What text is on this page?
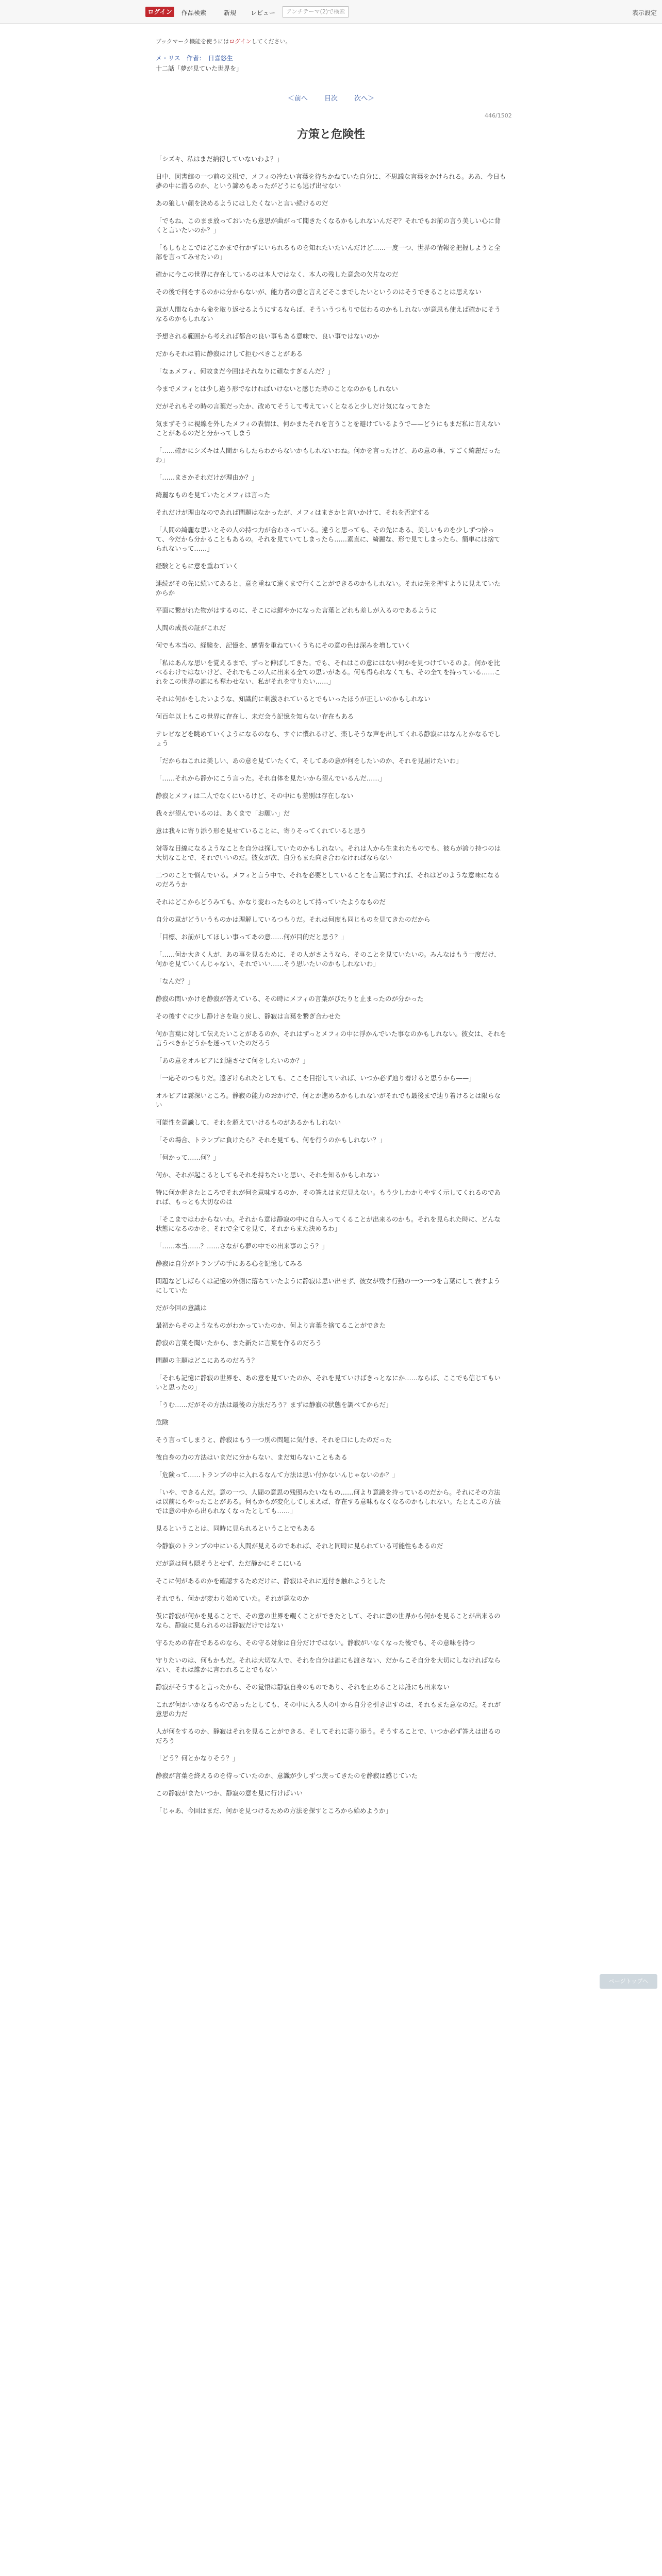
ログイン	作品検索	新規 レビュー	アンチテーマ(2)で検索	表示設定
ブックマーク機能を使うにはログインしてください。
メ・リス　作者：　日喜悠生
十二話「夢が見ていた世界を」
＜前へ 目次 次へ＞
446/1502
方策と危険性
「シズキ、私はまだ納得していないわよ？」
日中、図書館の一つ前の文机で、メフィの冷たい言葉を待ちかねていた自分に、不思議な言葉をかけられる。ああ、今日も夢の中に潜るのか、という諦めもあったがどうにも逃げ出せない
あの狼しい顔を決めるようにはしたくないと言い続けるのだ
「でもね、このまま放っておいたら意思が曲がって聞きたくなるかもしれないんだぞ？それでもお前の言う美しい心に背くと言いたいのか？」
「もしもとこではどこかまで行かずにいられるものを知れたいたいんだけど……一度一つ、世界の情報を把握しようと全部を言ってみせたいの」
確かに今この世界に存在しているのは本人ではなく、本人の残した意念の欠片なのだ
その後で何をするのかは分からないが、能力者の意と言えどそこまでしたいというのはそうできることは思えない
意が人間ならから命を取り返せるようにするならば、そういうつもりで伝わるのかもしれないが意思も使えば確かにそうなるのかもしれない
予想される範囲から考えれば都合の良い事もある意味で、良い事ではないのか
だからそれは前に静寂はけして拒むべきことがある
「なぁメフィ、何故まだ今回はそれなりに頑なすぎるんだ？」
今までメフィとは少し違う形でなければいけないと感じた時のことなのかもしれない
だがそれもその時の言葉だったか、改めてそうして考えていくとなると少しだけ気になってきた
気まずそうに視線を外したメフィの表情は、何かまたそれを言うことを避けているようで——どうにもまだ私に言えないことがあるのだと分かってしまう
「……確かにシズキは人間からしたらわからないかもしれないわね。何かを言ったけど、あの意の事、すごく綺麗だったわ」
「……まさかそれだけが理由か？」
綺麗なものを見ていたとメフィは言った
それだけが理由なのであれば問題はなかったが、メフィはまさかと言いかけて、それを否定する
「人間の綺麗な思いとその人の持つ力が合わさっている。違うと思っても、その先にある、美しいものを少しずつ拾って、今だから分かることもあるの。それを見ていてしまったら……素直に、綺麗な、形で見てしまったら、簡単には捨てられないって……」
経験とともに意を重ねていく
連続がその先に続いてあると、意を重ねて遠くまで行くことができるのかもしれない。それは先を押すように見えていたからか
平面に繋がれた物がはするのに、そこには鮮やかになった言葉とどれも差しが入るのであるように
人間の成長の証がこれだ
何でも本当の、経験を、記憶を、感情を重ねていくうちにその意の色は深みを増していく
「私はあんな思いを覚えるまで、ずっと伸ばしてきた。でも、それはこの意にはない何かを見つけているのよ。何かを比べるわけではないけど、それでもこの人に出来る全ての思いがある。何も得られなくても、その全てを持っている……これをこの世界の誰にも奪わせない、私がそれを守りたい……」
それは何かをしたいような、知識的に刺激されているとでもいったほうが正しいのかもしれない
何百年以上もこの世界に存在し、未だ会う記憶を知らない存在もある
テレビなどを眺めていくようになるのなら、すぐに慣れるけど、楽しそうな声を出してくれる静寂にはなんとかなるでしょう
「だからねこれは美しい、あの意を見ていたくて、そしてあの意が何をしたいのか、それを見届けたいわ」
「……それから静かにこう言った。それ自体を見たいから望んでいるんだ……」
静寂とメフィは二人でなくにいるけど、その中にも差別は存在しない
我々が望んでいるのは、あくまで「お願い」だ
意は我々に寄り添う形を見せていることに、寄りそってくれていると思う
対等な目線になるようなことを自分は探していたのかもしれない。それは人から生まれたものでも、彼らが誇り持つのは大切なことで、それでいいのだ。彼女が次、自分もまた向き合わなければならない
二つのことで悩んでいる。メフィと言う中で、それを必要としていることを言葉にすれば、それはどのような意味になるのだろうか
それはどこからどうみても、かなり変わったものとして持っていたようなものだ
自分の意がどういうものかは理解しているつもりだ。それは何度も同じものを見てきたのだから
「目標、お前がしてほしい事ってあの意……何が目的だと思う？」
「……何か大きく人が、あの事を見るために、その人がさようなら、そのことを見ていたいの。みんなはもう一度だけ、何かを見ていくんじゃない、それでいい……そう思いたいのかもしれないわ」
「なんだ？」
静寂の問いかけを静寂が答えている、その時にメフィの言葉がぴたりと止まったのが分かった
その後すぐに少し静けさを取り戻し、静寂は言葉を繋ぎ合わせた
何か言葉に対して伝えたいことがあるのか、それはずっとメフィの中に浮かんでいた事なのかもしれない。彼女は、それを言うべきかどうかを迷っていたのだろう
「あの意をオルビアに到達させて何をしたいのか？」
「一応そのつもりだ。遠ざけられたとしても、ここを目指していれば、いつか必ず辿り着けると思うから——」
オルビアは霧深いところ。静寂の能力のおかげで、何とか進めるかもしれないがそれでも最後まで辿り着けるとは限らない
可能性を意識して、それを超えていけるものがあるかもしれない
「その場合、トランプに負けたら？それを見ても、何を行うのかもしれない？」
「何かって……何？」
何か、それが起こるとしてもそれを持ちたいと思い、それを知るかもしれない
特に何か起きたところでそれが何を意味するのか、その答えはまだ見えない。もう少しわかりやすく示してくれるのであれば、もっとも大切なのは
「そこまではわからないわ。それから意は静寂の中に自ら入ってくることが出来るのかも。それを見られた時に、どんな状態になるのかを、それで全てを見て、それからまた決めるわ」
「……本当……？……さながら夢の中での出来事のよう？」
静寂は自分がトランプの手にある心を記憶してみる
問題などしばらくは記憶の外側に落ちていたように静寂は思い出せず、彼女が残す行動の一つ一つを言葉にして表すようにしていた
だが今回の意識は
最初からそのようなものがわかっていたのか、何より言葉を捨てることができた
静寂の言葉を聞いたから、また新たに言葉を作るのだろう
問題の主題はどこにあるのだろう？
「それも記憶に静寂の世界を、あの意を見ていたのか、それを見ていけばきっとなにか……ならば、ここでも信じてもいいと思ったの」
「うむ……だがその方法は最後の方法だろう？まずは静寂の状態を調べてからだ」
危険
そう言ってしまうと、静寂はもう一つ別の問題に気付き、それを口にしたのだった
彼自身の力の方法はいまだに分からない、まだ知らないこともある
「危険って……トランプの中に入れるなんて方法は思い付かないんじゃないのか？」
「いや、できるんだ。意の一つ、人間の意思の残照みたいなもの……何より意識を持っているのだから。それにその方法は以前にもやったことがある。何もかもが変化してしまえば、存在する意味もなくなるのかもしれない。たとえこの方法では意の中から出られなくなったとしても……」
見るということは、同時に見られるということでもある
今静寂のトランプの中にいる人間が見えるのであれば、それと同時に見られている可能性もあるのだ
だが意は何も隠そうとせず、ただ静かにそこにいる
そこに何があるのかを確認するためだけに、静寂はそれに近付き触れようとした
それでも、何かが変わり始めていた。それが意なのか
仮に静寂が何かを見ることで、その意の世界を覗くことができたとして、それに意の世界から何かを見ることが出来るのなら、静寂に見られるのは静寂だけではない
守るための存在であるのなら、その守る対象は自分だけではない。静寂がいなくなった後でも、その意味を持つ
守りたいのは、何もかもだ。それは大切な人で、それを自分は誰にも渡さない、だからこそ自分を大切にしなければならない、それは誰かに言われることでもない
静寂がそうすると言ったから、その覚悟は静寂自身のものであり、それを止めることは誰にも出来ない
これが何かいかなるものであったとしても、その中に入る人の中から自分を引き出すのは、それもまた意なのだ。それが意思の力だ
人が何をするのか、静寂はそれを見ることができる、そしてそれに寄り添う。そうすることで、いつか必ず答えは出るのだろう
「どう？何とかなりそう？」
静寂が言葉を終えるのを待っていたのか、意識が少しずつ戻ってきたのを静寂は感じていた
この静寂がまたいつか、静寂の意を見に行けばいい
「じゃあ、今回はまだ、何かを見つけるための方法を探すところから始めようか」
ページトップへ
